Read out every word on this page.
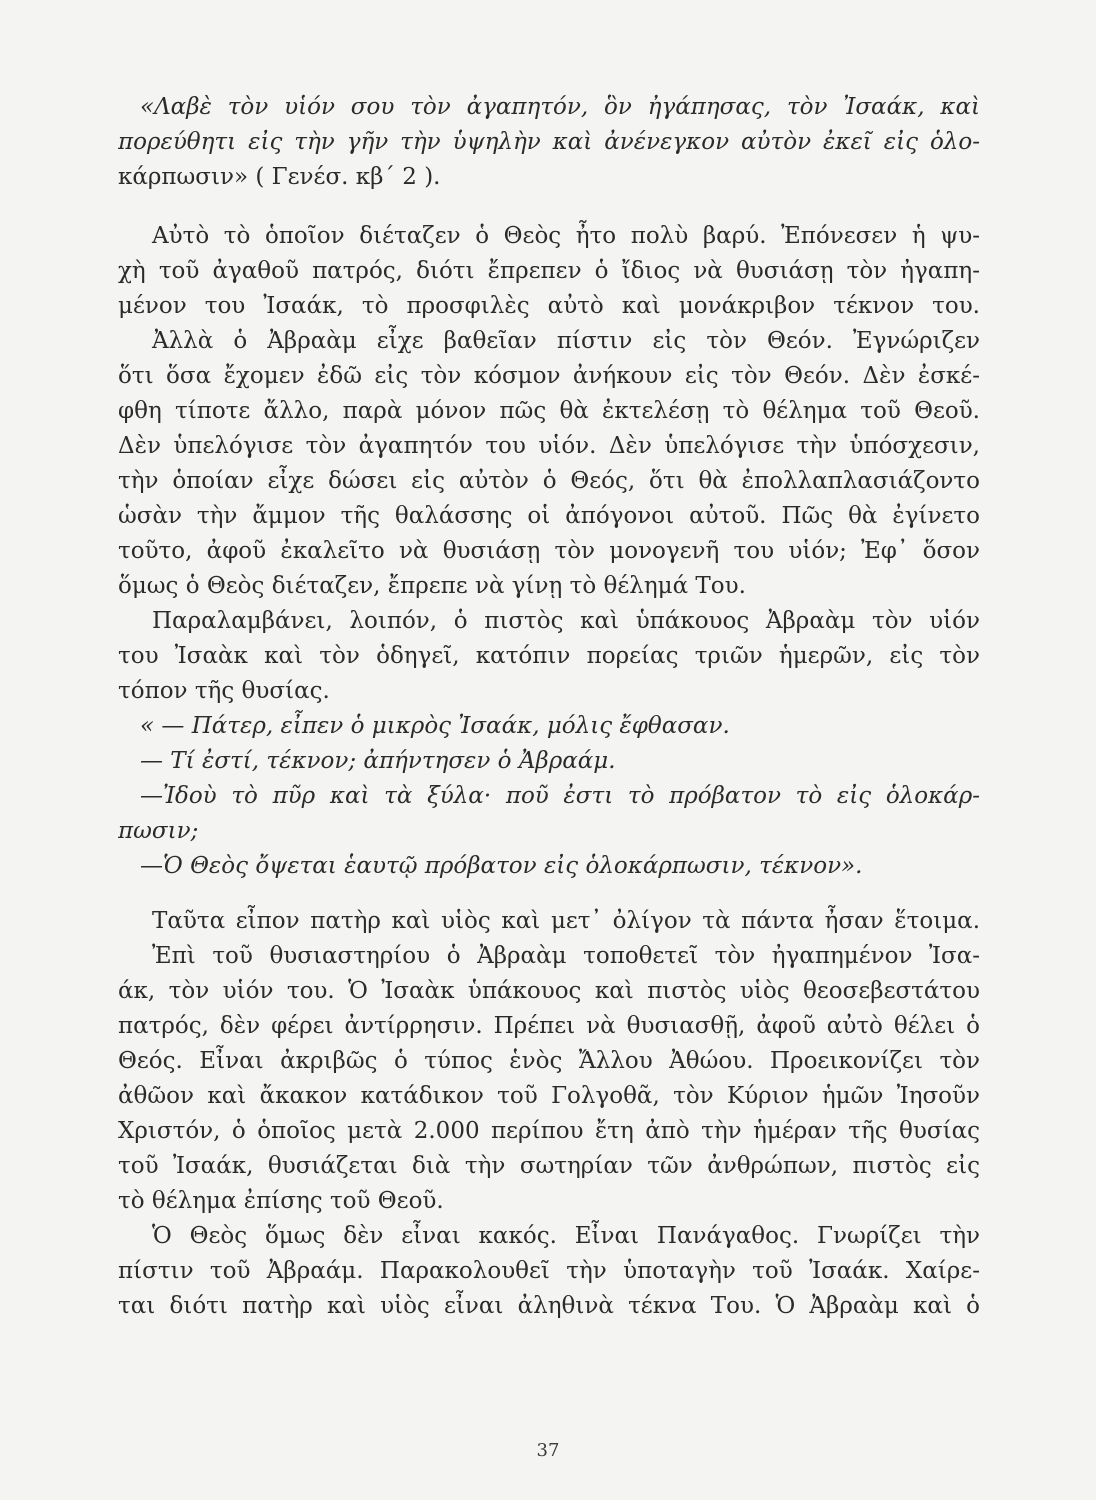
«Λαβὲ τὸν υἱόν σου τὸν ἀγαπητόν, ὃν ἠγάπησας, τὸν Ἰσαάκ, καὶ
πορεύθητι εἰς τὴν γῆν τὴν ὑψηλὴν καὶ ἀνένεγκον αὐτὸν ἐκεῖ εἰς ὁλο-
κάρπωσιν» ( Γενέσ. κβ΄ 2 ).
Αὐτὸ τὸ ὁποῖον διέταζεν ὁ Θεὸς ἦτο πολὺ βαρύ. Ἐπόνεσεν ἡ ψυ-
χὴ τοῦ ἀγαθοῦ πατρός, διότι ἔπρεπεν ὁ ἴδιος νὰ θυσιάσῃ τὸν ἠγαπη-
μένον του Ἰσαάκ, τὸ προσφιλὲς αὐτὸ καὶ μονάκριβον τέκνον του.
Ἀλλὰ ὁ Ἀβραὰμ εἶχε βαθεῖαν πίστιν εἰς τὸν Θεόν. Ἐγνώριζεν
ὅτι ὅσα ἔχομεν ἐδῶ εἰς τὸν κόσμον ἀνήκουν εἰς τὸν Θεόν. Δὲν ἐσκέ-
φθη τίποτε ἄλλο, παρὰ μόνον πῶς θὰ ἐκτελέσῃ τὸ θέλημα τοῦ Θεοῦ.
Δὲν ὑπελόγισε τὸν ἀγαπητόν του υἱόν. Δὲν ὑπελόγισε τὴν ὑπόσχεσιν,
τὴν ὁποίαν εἶχε δώσει εἰς αὐτὸν ὁ Θεός, ὅτι θὰ ἐπολλαπλασιάζοντο
ὡσὰν τὴν ἄμμον τῆς θαλάσσης οἱ ἀπόγονοι αὐτοῦ. Πῶς θὰ ἐγίνετο
τοῦτο, ἀφοῦ ἐκαλεῖτο νὰ θυσιάσῃ τὸν μονογενῆ του υἱόν; Ἐφ᾽ ὅσον
ὅμως ὁ Θεὸς διέταζεν, ἔπρεπε νὰ γίνῃ τὸ θέλημά Του.
Παραλαμβάνει, λοιπόν, ὁ πιστὸς καὶ ὑπάκουος Ἀβραὰμ τὸν υἱόν
του Ἰσαὰκ καὶ τὸν ὁδηγεῖ, κατόπιν πορείας τριῶν ἡμερῶν, εἰς τὸν
τόπον τῆς θυσίας.
« — Πάτερ, εἶπεν ὁ μικρὸς Ἰσαάκ, μόλις ἔφθασαν.
— Τί ἐστί, τέκνον; ἀπήντησεν ὁ Ἀβραάμ.
—Ἰδοὺ τὸ πῦρ καὶ τὰ ξύλα· ποῦ ἐστι τὸ πρόβατον τὸ εἰς ὁλοκάρ-
πωσιν;
—Ὁ Θεὸς ὄψεται ἑαυτῷ πρόβατον εἰς ὁλοκάρπωσιν, τέκνον».
Ταῦτα εἶπον πατὴρ καὶ υἱὸς καὶ μετ᾽ ὀλίγον τὰ πάντα ἦσαν ἕτοιμα.
Ἐπὶ τοῦ θυσιαστηρίου ὁ Ἀβραὰμ τοποθετεῖ τὸν ἠγαπημένον Ἰσα-
άκ, τὸν υἱόν του. Ὁ Ἰσαὰκ ὑπάκουος καὶ πιστὸς υἱὸς θεοσεβεστάτου
πατρός, δὲν φέρει ἀντίρρησιν. Πρέπει νὰ θυσιασθῇ, ἀφοῦ αὐτὸ θέλει ὁ
Θεός. Εἶναι ἀκριβῶς ὁ τύπος ἑνὸς Ἄλλου Ἀθώου. Προεικονίζει τὸν
ἀθῶον καὶ ἄκακον κατάδικον τοῦ Γολγοθᾶ, τὸν Κύριον ἡμῶν Ἰησοῦν
Χριστόν, ὁ ὁποῖος μετὰ 2.000 περίπου ἔτη ἀπὸ τὴν ἡμέραν τῆς θυσίας
τοῦ Ἰσαάκ, θυσιάζεται διὰ τὴν σωτηρίαν τῶν ἀνθρώπων, πιστὸς εἰς
τὸ θέλημα ἐπίσης τοῦ Θεοῦ.
Ὁ Θεὸς ὅμως δὲν εἶναι κακός. Εἶναι Πανάγαθος. Γνωρίζει τὴν
πίστιν τοῦ Ἀβραάμ. Παρακολουθεῖ τὴν ὑποταγὴν τοῦ Ἰσαάκ. Χαίρε-
ται διότι πατὴρ καὶ υἱὸς εἶναι ἀληθινὰ τέκνα Του. Ὁ Ἀβραὰμ καὶ ὁ
37
